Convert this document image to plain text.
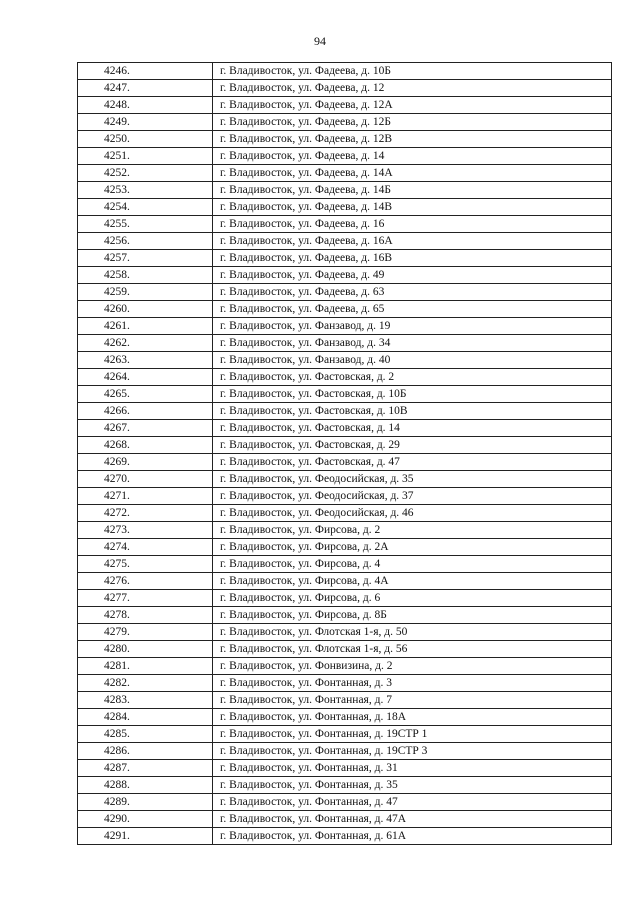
94
4246.	г. Владивосток, ул. Фадеева, д. 10Б
4247.	г. Владивосток, ул. Фадеева, д. 12
4248.	г. Владивосток, ул. Фадеева, д. 12А
4249.	г. Владивосток, ул. Фадеева, д. 12Б
4250.	г. Владивосток, ул. Фадеева, д. 12В
4251.	г. Владивосток, ул. Фадеева, д. 14
4252.	г. Владивосток, ул. Фадеева, д. 14А
4253.	г. Владивосток, ул. Фадеева, д. 14Б
4254.	г. Владивосток, ул. Фадеева, д. 14В
4255.	г. Владивосток, ул. Фадеева, д. 16
4256.	г. Владивосток, ул. Фадеева, д. 16А
4257.	г. Владивосток, ул. Фадеева, д. 16В
4258.	г. Владивосток, ул. Фадеева, д. 49
4259.	г. Владивосток, ул. Фадеева, д. 63
4260.	г. Владивосток, ул. Фадеева, д. 65
4261.	г. Владивосток, ул. Фанзавод, д. 19
4262.	г. Владивосток, ул. Фанзавод, д. 34
4263.	г. Владивосток, ул. Фанзавод, д. 40
4264.	г. Владивосток, ул. Фастовская, д. 2
4265.	г. Владивосток, ул. Фастовская, д. 10Б
4266.	г. Владивосток, ул. Фастовская, д. 10В
4267.	г. Владивосток, ул. Фастовская, д. 14
4268.	г. Владивосток, ул. Фастовская, д. 29
4269.	г. Владивосток, ул. Фастовская, д. 47
4270.	г. Владивосток, ул. Феодосийская, д. 35
4271.	г. Владивосток, ул. Феодосийская, д. 37
4272.	г. Владивосток, ул. Феодосийская, д. 46
4273.	г. Владивосток, ул. Фирсова, д. 2
4274.	г. Владивосток, ул. Фирсова, д. 2А
4275.	г. Владивосток, ул. Фирсова, д. 4
4276.	г. Владивосток, ул. Фирсова, д. 4А
4277.	г. Владивосток, ул. Фирсова, д. 6
4278.	г. Владивосток, ул. Фирсова, д. 8Б
4279.	г. Владивосток, ул. Флотская 1-я, д. 50
4280.	г. Владивосток, ул. Флотская 1-я, д. 56
4281.	г. Владивосток, ул. Фонвизина, д. 2
4282.	г. Владивосток, ул. Фонтанная, д. 3
4283.	г. Владивосток, ул. Фонтанная, д. 7
4284.	г. Владивосток, ул. Фонтанная, д. 18А
4285.	г. Владивосток, ул. Фонтанная, д. 19СТР 1
4286.	г. Владивосток, ул. Фонтанная, д. 19СТР 3
4287.	г. Владивосток, ул. Фонтанная, д. 31
4288.	г. Владивосток, ул. Фонтанная, д. 35
4289.	г. Владивосток, ул. Фонтанная, д. 47
4290.	г. Владивосток, ул. Фонтанная, д. 47А
4291.	г. Владивосток, ул. Фонтанная, д. 61А
